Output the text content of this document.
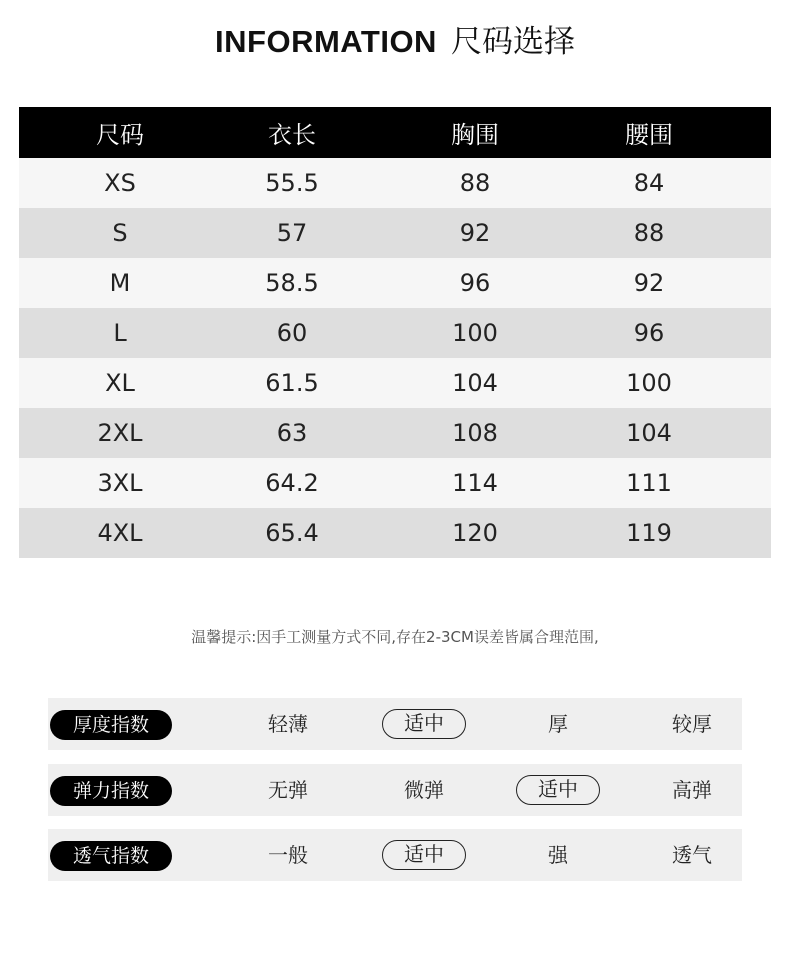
INFORMATION 尺码选择
尺码	衣长	胸围	腰围
XS	55.5	88	84
S	57	92	88
M	58.5	96	92
L	60	100	96
XL	61.5	104	100
2XL	63	108	104
3XL	64.2	114	111
4XL	65.4	120	119
温馨提示:因手工测量方式不同,存在2-3CM误差皆属合理范围,
厚度指数	轻薄	适中	厚	较厚
弹力指数	无弹	微弹	适中	高弹
透气指数	一般	适中	强	透气
